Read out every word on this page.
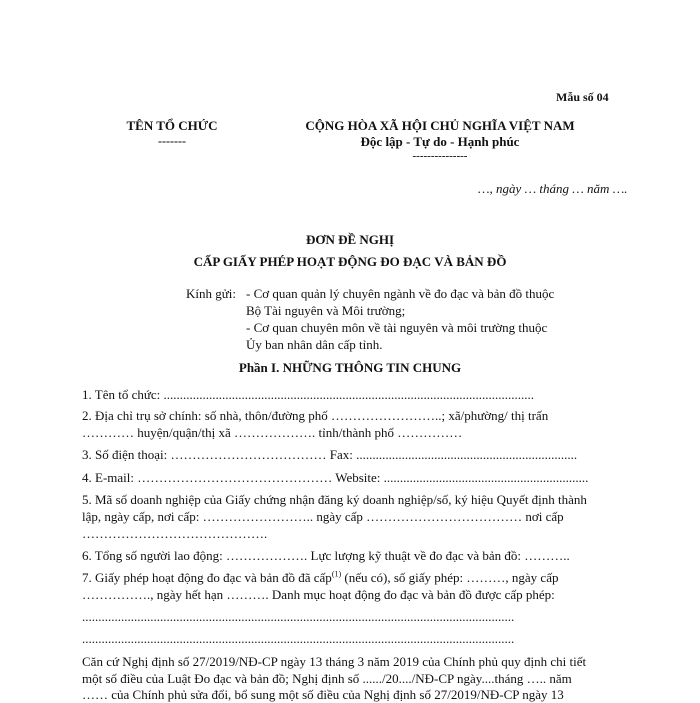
Mẫu số 04
TÊN TỔ CHỨC
-------
CỘNG HÒA XÃ HỘI CHỦ NGHĨA VIỆT NAM
Độc lập - Tự do - Hạnh phúc
---------------
…, ngày … tháng … năm ….
ĐƠN ĐỀ NGHỊ
CẤP GIẤY PHÉP HOẠT ĐỘNG ĐO ĐẠC VÀ BẢN ĐỒ
Kính gửi: - Cơ quan quản lý chuyên ngành về đo đạc và bản đồ thuộc
Bộ Tài nguyên và Môi trường;
- Cơ quan chuyên môn về tài nguyên và môi trường thuộc
Ủy ban nhân dân cấp tỉnh.
Phần I. NHỮNG THÔNG TIN CHUNG
1. Tên tổ chức: ..................................................................................................................
2. Địa chỉ trụ sở chính: số nhà, thôn/đường phố ……………………..; xã/phường/ thị trấn
………… huyện/quận/thị xã ………………. tỉnh/thành phố ……………
3. Số điện thoại: ……………………………… Fax: ....................................................................
4. E-mail: ……………………………………… Website: ...............................................................
5. Mã số doanh nghiệp của Giấy chứng nhận đăng ký doanh nghiệp/số, ký hiệu Quyết định thành
lập, ngày cấp, nơi cấp: …………………….. ngày cấp ……………………………… nơi cấp
…………………………………….
6. Tổng số người lao động: ………………. Lực lượng kỹ thuật về đo đạc và bản đồ: ………..
7. Giấy phép hoạt động đo đạc và bản đồ đã cấp$^{(1)}$ (nếu có), số giấy phép: ………, ngày cấp
……………., ngày hết hạn ………. Danh mục hoạt động đo đạc và bản đồ được cấp phép:
.....................................................................................................................................
.....................................................................................................................................
Căn cứ Nghị định số 27/2019/NĐ-CP ngày 13 tháng 3 năm 2019 của Chính phủ quy định chi tiết
một số điều của Luật Đo đạc và bản đồ; Nghị định số ....../20..../NĐ-CP ngày....tháng ….. năm
…… của Chính phủ sửa đổi, bổ sung một số điều của Nghị định số 27/2019/NĐ-CP ngày 13
